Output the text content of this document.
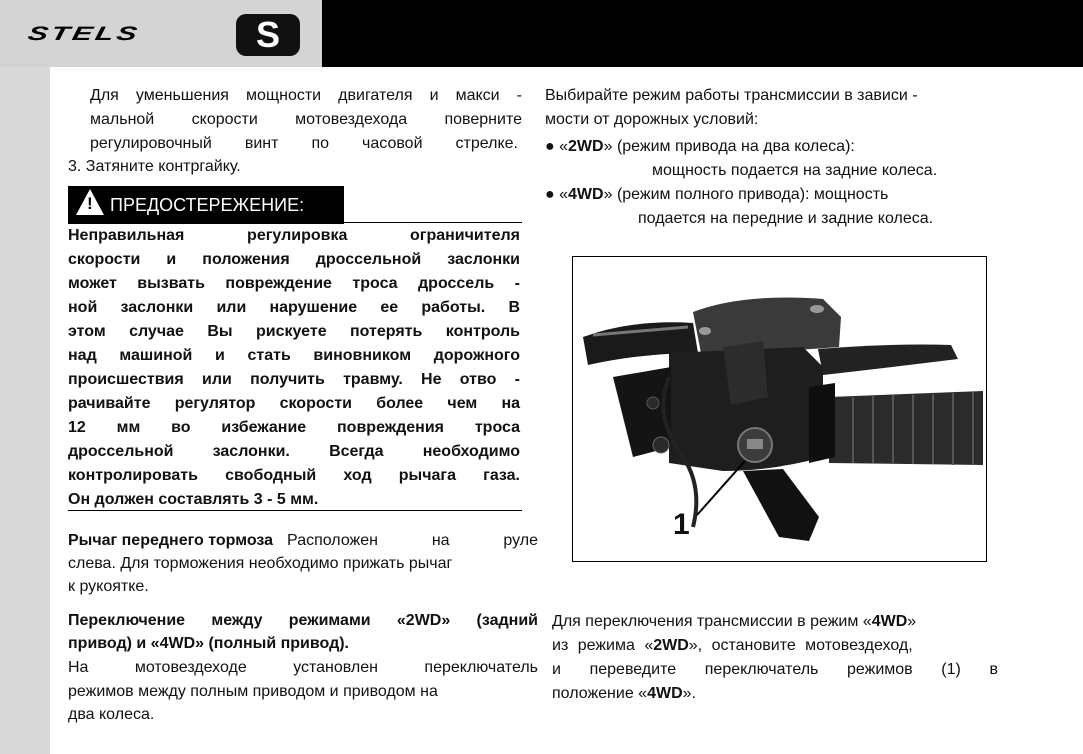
STELS	S

Для уменьшения мощности двигателя и макси -

мальной скорости мотовездехода поверните

регулировочный винт по часовой стрелке.

3. Затяните контргайку.

! ПРЕДОСТЕРЕЖЕНИЕ:

Неправильная регулировка ограничителя

скорости и положения дроссельной заслонки

может вызвать повреждение троса дроссель -

ной заслонки или нарушение ее работы. В

этом случае Вы рискуете потерять контроль

над машиной и стать виновником дорожного

происшествия или получить травму. Не отво -

рачивайте регулятор скорости более чем на

12 мм во избежание повреждения троса

дроссельной заслонки. Всегда необходимо

контролировать свободный ход рычага газа.

Он должен составлять 3 - 5 мм.

Рычаг переднего тормоза Расположен на руле

слева. Для торможения необходимо прижать рычаг

к рукоятке.

Переключение между режимами «2WD» (задний

привод) и «4WD» (полный привод).

На мотовездеходе установлен переключатель

режимов между полным приводом и приводом на

два колеса.

Выбирайте режим работы трансмиссии в зависи -

мости от дорожных условий:

● «2WD» (режим привода на два колеса):

мощность подается на задние колеса.

● «4WD» (режим полного привода): мощность

подается на передние и задние колеса.

1

Для переключения трансмиссии в режим «4WD»

из режима «2WD», остановите мотовездеход,

и переведите переключатель режимов (1) в

положение «4WD».
